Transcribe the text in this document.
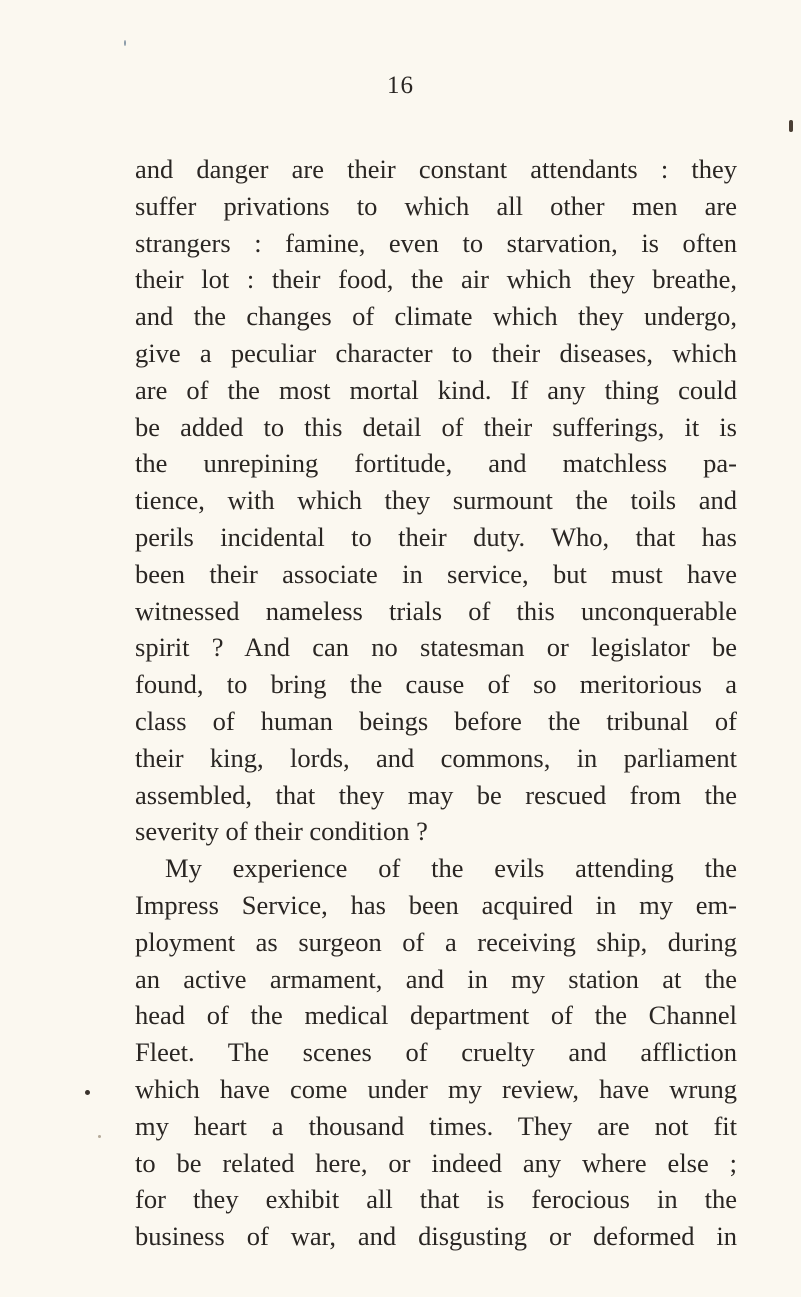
16
and danger are their constant attendants : they
suffer privations to which all other men are
strangers : famine, even to starvation, is often
their lot : their food, the air which they breathe,
and the changes of climate which they undergo,
give a peculiar character to their diseases, which
are of the most mortal kind. If any thing could
be added to this detail of their sufferings, it is
the unrepining fortitude, and matchless pa-
tience, with which they surmount the toils and
perils incidental to their duty. Who, that has
been their associate in service, but must have
witnessed nameless trials of this unconquerable
spirit ? And can no statesman or legislator be
found, to bring the cause of so meritorious a
class of human beings before the tribunal of
their king, lords, and commons, in parliament
assembled, that they may be rescued from the
severity of their condition ?
My experience of the evils attending the
Impress Service, has been acquired in my em-
ployment as surgeon of a receiving ship, during
an active armament, and in my station at the
head of the medical department of the Channel
Fleet. The scenes of cruelty and affliction
which have come under my review, have wrung
my heart a thousand times. They are not fit
to be related here, or indeed any where else ;
for they exhibit all that is ferocious in the
business of war, and disgusting or deformed in
